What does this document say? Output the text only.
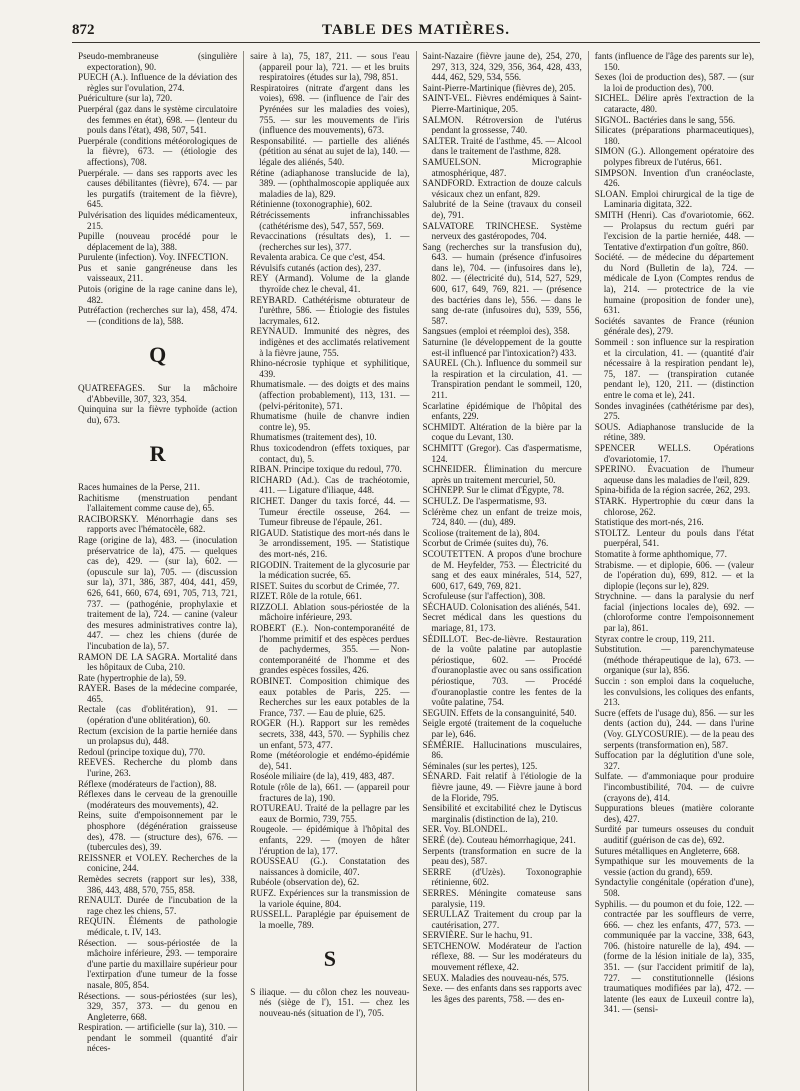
872	TABLE DES MATIÈRES.

Pseudo-membraneuse (singulière expectoration), 90.

PUECH (A.). Influence de la déviation des règles sur l'ovulation, 274.

Puériculture (sur la), 720.

Puerpéral (gaz dans le système circulatoire des femmes en état), 698. — (lenteur du pouls dans l'état), 498, 507, 541.

Puerpérale (conditions météorologiques de la fièvre), 673. — (étiologie des affections), 708.

Puerpérale. — dans ses rapports avec les causes débilitantes (fièvre), 674. — par les purgatifs (traitement de la fièvre), 645.

Pulvérisation des liquides médicamenteux, 215.

Pupille (nouveau procédé pour le déplacement de la), 388.

Purulente (infection). Voy. INFECTION.

Pus et sanie gangréneuse dans les vaisseaux, 211.

Putois (origine de la rage canine dans le), 482.

Putréfaction (recherches sur la), 458, 474. — (conditions de la), 588.

Q

QUATREFAGES. Sur la mâchoire d'Abbeville, 307, 323, 354.

Quinquina sur la fièvre typhoïde (action du), 673.

R

Races humaines de la Perse, 211.

Rachitisme (menstruation pendant l'allaitement comme cause de), 65.

RACIBORSKY. Ménorrhagie dans ses rapports avec l'hématocèle, 682.

Rage (origine de la), 483. — (inoculation préservatrice de la), 475. — quelques cas de), 429. — (sur la), 602. — (opuscule sur la), 705. — (discussion sur la), 371, 386, 387, 404, 441, 459, 626, 641, 660, 674, 691, 705, 713, 721, 737. — (pathogénie, prophylaxie et traitement de la), 724. — canine (valeur des mesures administratives contre la), 447. — chez les chiens (durée de l'incubation de la), 57.

RAMON DE LA SAGRA. Mortalité dans les hôpitaux de Cuba, 210.

Rate (hypertrophie de la), 59.

RAYER. Bases de la médecine comparée, 465.

Rectale (cas d'oblitération), 91. — (opération d'une oblitération), 60.

Rectum (excision de la partie herniée dans un prolapsus du), 448.

Redoul (principe toxique du), 770.

REEVES. Recherche du plomb dans l'urine, 263.

Réflexe (modérateurs de l'action), 88.

Réflexes dans le cerveau de la grenouille (modérateurs des mouvements), 42.

Reins, suite d'empoisonnement par le phosphore (dégénération graisseuse des), 478. — (structure des), 676. — (tubercules des), 39.

REISSNER et VOLEY. Recherches de la conicine, 244.

Remèdes secrets (rapport sur les), 338, 386, 443, 488, 570, 755, 858.

RENAULT. Durée de l'incubation de la rage chez les chiens, 57.

REQUIN. Éléments de pathologie médicale, t. IV, 143.

Résection. — sous-périostée de la mâchoire inférieure, 293. — temporaire d'une partie du maxillaire supérieur pour l'extirpation d'une tumeur de la fosse nasale, 805, 854.

Résections. — sous-périostées (sur les), 329, 357, 373. — du genou en Angleterre, 668.

Respiration. — artificielle (sur la), 310. — pendant le sommeil (quantité d'air néces-

saire à la), 75, 187, 211. — sous l'eau (appareil pour la), 721. — et les bruits respiratoires (études sur la), 798, 851.

Respiratoires (nitrate d'argent dans les voies), 698. — (influence de l'air des Pyrénées sur les maladies des voies), 755. — sur les mouvements de l'iris (influence des mouvements), 673.

Responsabilité. — partielle des aliénés (pétition au sénat au sujet de la), 140. — légale des aliénés, 540.

Rétine (adiaphanose translucide de la), 389. — (ophthalmoscopie appliquée aux maladies de la), 829.

Rétinienne (toxonographie), 602.

Rétrécissements infranchissables (cathétérisme des), 547, 557, 569.

Revaccinations (résultats des), 1. — (recherches sur les), 377.

Revalenta arabica. Ce que c'est, 454.

Révulsifs cutanés (action des), 237.

REY (Armand). Volume de la glande thyroïde chez le cheval, 41.

REYBARD. Cathétérisme obturateur de l'urèthre, 586. — Étiologie des fistules lacrymales, 612.

REYNAUD. Immunité des nègres, des indigènes et des acclimatés relativement à la fièvre jaune, 755.

Rhino-nécrosie typhique et syphilitique, 439.

Rhumatismale. — des doigts et des mains (affection probablement), 113, 131. — (pelvi-péritonite), 571.

Rhumatisme (huile de chanvre indien contre le), 95.

Rhumatismes (traitement des), 10.

Rhus toxicodendron (effets toxiques, par contact, du), 5.

RIBAN. Principe toxique du redoul, 770.

RICHARD (Ad.). Cas de trachéotomie, 411. — Ligature d'iliaque, 448.

RICHET. Danger du taxis forcé, 44. — Tumeur érectile osseuse, 264. — Tumeur fibreuse de l'épaule, 261.

RIGAUD. Statistique des mort-nés dans le 3e arrondissement, 195. — Statistique des mort-nés, 216.

RIGODIN. Traitement de la glycosurie par la médication sucrée, 65.

RISET. Suites du scorbut de Crimée, 77.

RIZET. Rôle de la rotule, 661.

RIZZOLI. Ablation sous-périostée de la mâchoire inférieure, 293.

ROBERT (E.). Non-contemporanéité de l'homme primitif et des espèces perdues de pachydermes, 355. — Non-contemporanéité de l'homme et des grandes espèces fossiles, 426.

ROBINET. Composition chimique des eaux potables de Paris, 225. — Recherches sur les eaux potables de la France, 737. — Eau de pluie, 625.

ROGER (H.). Rapport sur les remèdes secrets, 338, 443, 570. — Syphilis chez un enfant, 573, 477.

Rome (météorologie et endémo-épidémie de), 541.

Roséole miliaire (de la), 419, 483, 487.

Rotule (rôle de la), 661. — (appareil pour fractures de la), 190.

ROTUREAU. Traité de la pellagre par les eaux de Bormio, 739, 755.

Rougeole. — épidémique à l'hôpital des enfants, 229. — (moyen de hâter l'éruption de la), 177.

ROUSSEAU (G.). Constatation des naissances à domicile, 407.

Rubéole (observation de), 62.

RUFZ. Expériences sur la transmission de la variole équine, 804.

RUSSELL. Paraplégie par épuisement de la moelle, 789.

S

S iliaque. — du côlon chez les nouveau-nés (siège de l'), 151. — chez les nouveau-nés (situation de l'), 705.

Saint-Nazaire (fièvre jaune de), 254, 270, 297, 313, 324, 329, 356, 364, 428, 433, 444, 462, 529, 534, 556.

Saint-Pierre-Martinique (fièvres de), 205.

SAINT-VEL. Fièvres endémiques à Saint-Pierre-Martinique, 205.

SALMON. Rétroversion de l'utérus pendant la grossesse, 740.

SALTER. Traité de l'asthme, 45. — Alcool dans le traitement de l'asthme, 828.

SAMUELSON. Micrographie atmosphérique, 487.

SANDFORD. Extraction de douze calculs vésicaux chez un enfant, 829.

Salubrité de la Seine (travaux du conseil de), 791.

SALVATORE TRINCHESE. Système nerveux des gastéropodes, 704.

Sang (recherches sur la transfusion du), 643. — humain (présence d'infusoires dans le), 704. — (infusoires dans le), 802. — (électricité du), 514, 527, 529, 600, 617, 649, 769, 821. — (présence des bactéries dans le), 556. — dans le sang de-rate (infusoires du), 539, 556, 587.

Sangsues (emploi et réemploi des), 358.

Saturnine (le développement de la goutte est-il influencé par l'intoxication?) 433.

SAUREL (Ch.). Influence du sommeil sur la respiration et la circulation, 41. — Transpiration pendant le sommeil, 120, 211.

Scarlatine épidémique de l'hôpital des enfants, 229.

SCHMIDT. Altération de la bière par la coque du Levant, 130.

SCHMITT (Gregor). Cas d'aspermatisme, 124.

SCHNEIDER. Élimination du mercure après un traitement mercuriel, 50.

SCHNEPP. Sur le climat d'Égypte, 78.

SCHULZ. De l'aspermatisme, 93.

Sclérème chez un enfant de treize mois, 724, 840. — (du), 489.

Scoliose (traitement de la), 804.

Scorbut de Crimée (suites du), 76.

SCOUTETTEN. A propos d'une brochure de M. Heyfelder, 753. — Électricité du sang et des eaux minérales, 514, 527, 600, 617, 649, 769, 821.

Scrofuleuse (sur l'affection), 308.

SÉCHAUD. Colonisation des aliénés, 541.

Secret médical dans les questions du mariage, 81, 173.

SÉDILLOT. Bec-de-lièvre. Restauration de la voûte palatine par autoplastie périostique, 602. — Procédé d'ouranoplastie avec ou sans ossification périostique, 703. — Procédé d'ouranoplastie contre les fentes de la voûte palatine, 754.

SEGUIN. Effets de la consanguinité, 540.

Seigle ergoté (traitement de la coqueluche par le), 646.

SÉMÉRIE. Hallucinations musculaires, 86.

Séminales (sur les pertes), 125.

SÉNARD. Fait relatif à l'étiologie de la fièvre jaune, 49. — Fièvre jaune à bord de la Floride, 795.

Sensibilité et excitabilité chez le Dytiscus marginalis (distinction de la), 210.

SER. Voy. BLONDEL.

SERÉ (de). Couteau hémorrhagique, 241.

Serpents (transformation en sucre de la peau des), 587.

SERRE (d'Uzès). Toxonographie rétinienne, 602.

SERRES. Méningite comateuse sans paralysie, 119.

SERULLAZ Traitement du croup par la cautérisation, 277.

SERVIÈRE. Sur le hachu, 91.

SETCHENOW. Modérateur de l'action réflexe, 88. — Sur les modérateurs du mouvement réflexe, 42.

SEUX. Maladies des nouveau-nés, 575.

Sexe. — des enfants dans ses rapports avec les âges des parents, 758. — des en-

fants (influence de l'âge des parents sur le), 150.

Sexes (loi de production des), 587. — (sur la loi de production des), 700.

SICHEL. Délire après l'extraction de la cataracte, 480.

SIGNOL. Bactéries dans le sang, 556.

Silicates (préparations pharmaceutiques), 180.

SIMON (G.). Allongement opératoire des polypes fibreux de l'utérus, 661.

SIMPSON. Invention d'un cranéoclaste, 426.

SLOAN. Emploi chirurgical de la tige de Laminaria digitata, 322.

SMITH (Henri). Cas d'ovariotomie, 662. — Prolapsus du rectum guéri par l'excision de la partie herniée, 448. — Tentative d'extirpation d'un goître, 860.

Société. — de médecine du département du Nord (Bulletin de la), 724. — médicale de Lyon (Comptes rendus de la), 214. — protectrice de la vie humaine (proposition de fonder une), 631.

Sociétés savantes de France (réunion générale des), 279.

Sommeil : son influence sur la respiration et la circulation, 41. — (quantité d'air nécessaire à la respiration pendant le), 75, 187. — (transpiration cutanée pendant le), 120, 211. — (distinction entre le coma et le), 241.

Sondes invaginées (cathétérisme par des), 275.

SOUS. Adiaphanose translucide de la rétine, 389.

SPENCER WELLS. Opérations d'ovariotomie, 17.

SPERINO. Évacuation de l'humeur aqueuse dans les maladies de l'œil, 829.

Spina-bifida de la région sacrée, 262, 293.

STARK. Hypertrophie du cœur dans la chlorose, 262.

Statistique des mort-nés, 216.

STOLTZ. Lenteur du pouls dans l'état puerpéral, 541.

Stomatite à forme aphthomique, 77.

Strabisme. — et diplopie, 606. — (valeur de l'opération du), 699, 812. — et la diplopie (leçons sur le), 829.

Strychnine. — dans la paralysie du nerf facial (injections locales de), 692. — (chloroforme contre l'empoisonnement par la), 861.

Styrax contre le croup, 119, 211.

Substitution. — parenchymateuse (méthode thérapeutique de la), 673. — organique (sur la), 856.

Succin : son emploi dans la coqueluche, les convulsions, les coliques des enfants, 213.

Sucre (effets de l'usage du), 856. — sur les dents (action du), 244. — dans l'urine (Voy. GLYCOSURIE). — de la peau des serpents (transformation en), 587.

Suffocation par la déglutition d'une sole, 327.

Sulfate. — d'ammoniaque pour produire l'incombustibilité, 704. — de cuivre (crayons de), 414.

Suppurations bleues (matière colorante des), 427.

Surdité par tumeurs osseuses du conduit auditif (guérison de cas de), 692.

Sutures métalliques en Angleterre, 668.

Sympathique sur les mouvements de la vessie (action du grand), 659.

Syndactylie congénitale (opération d'une), 508.

Syphilis. — du poumon et du foie, 122. — contractée par les souffleurs de verre, 666. — chez les enfants, 477, 573. — communiquée par la vaccine, 338, 643, 706. (histoire naturelle de la), 494. — (forme de la lésion initiale de la), 335, 351. — (sur l'accident primitif de la), 727. — constitutionnelle (lésions traumatiques modifiées par la), 472. — latente (les eaux de Luxeuil contre la), 341. — (sensi-
